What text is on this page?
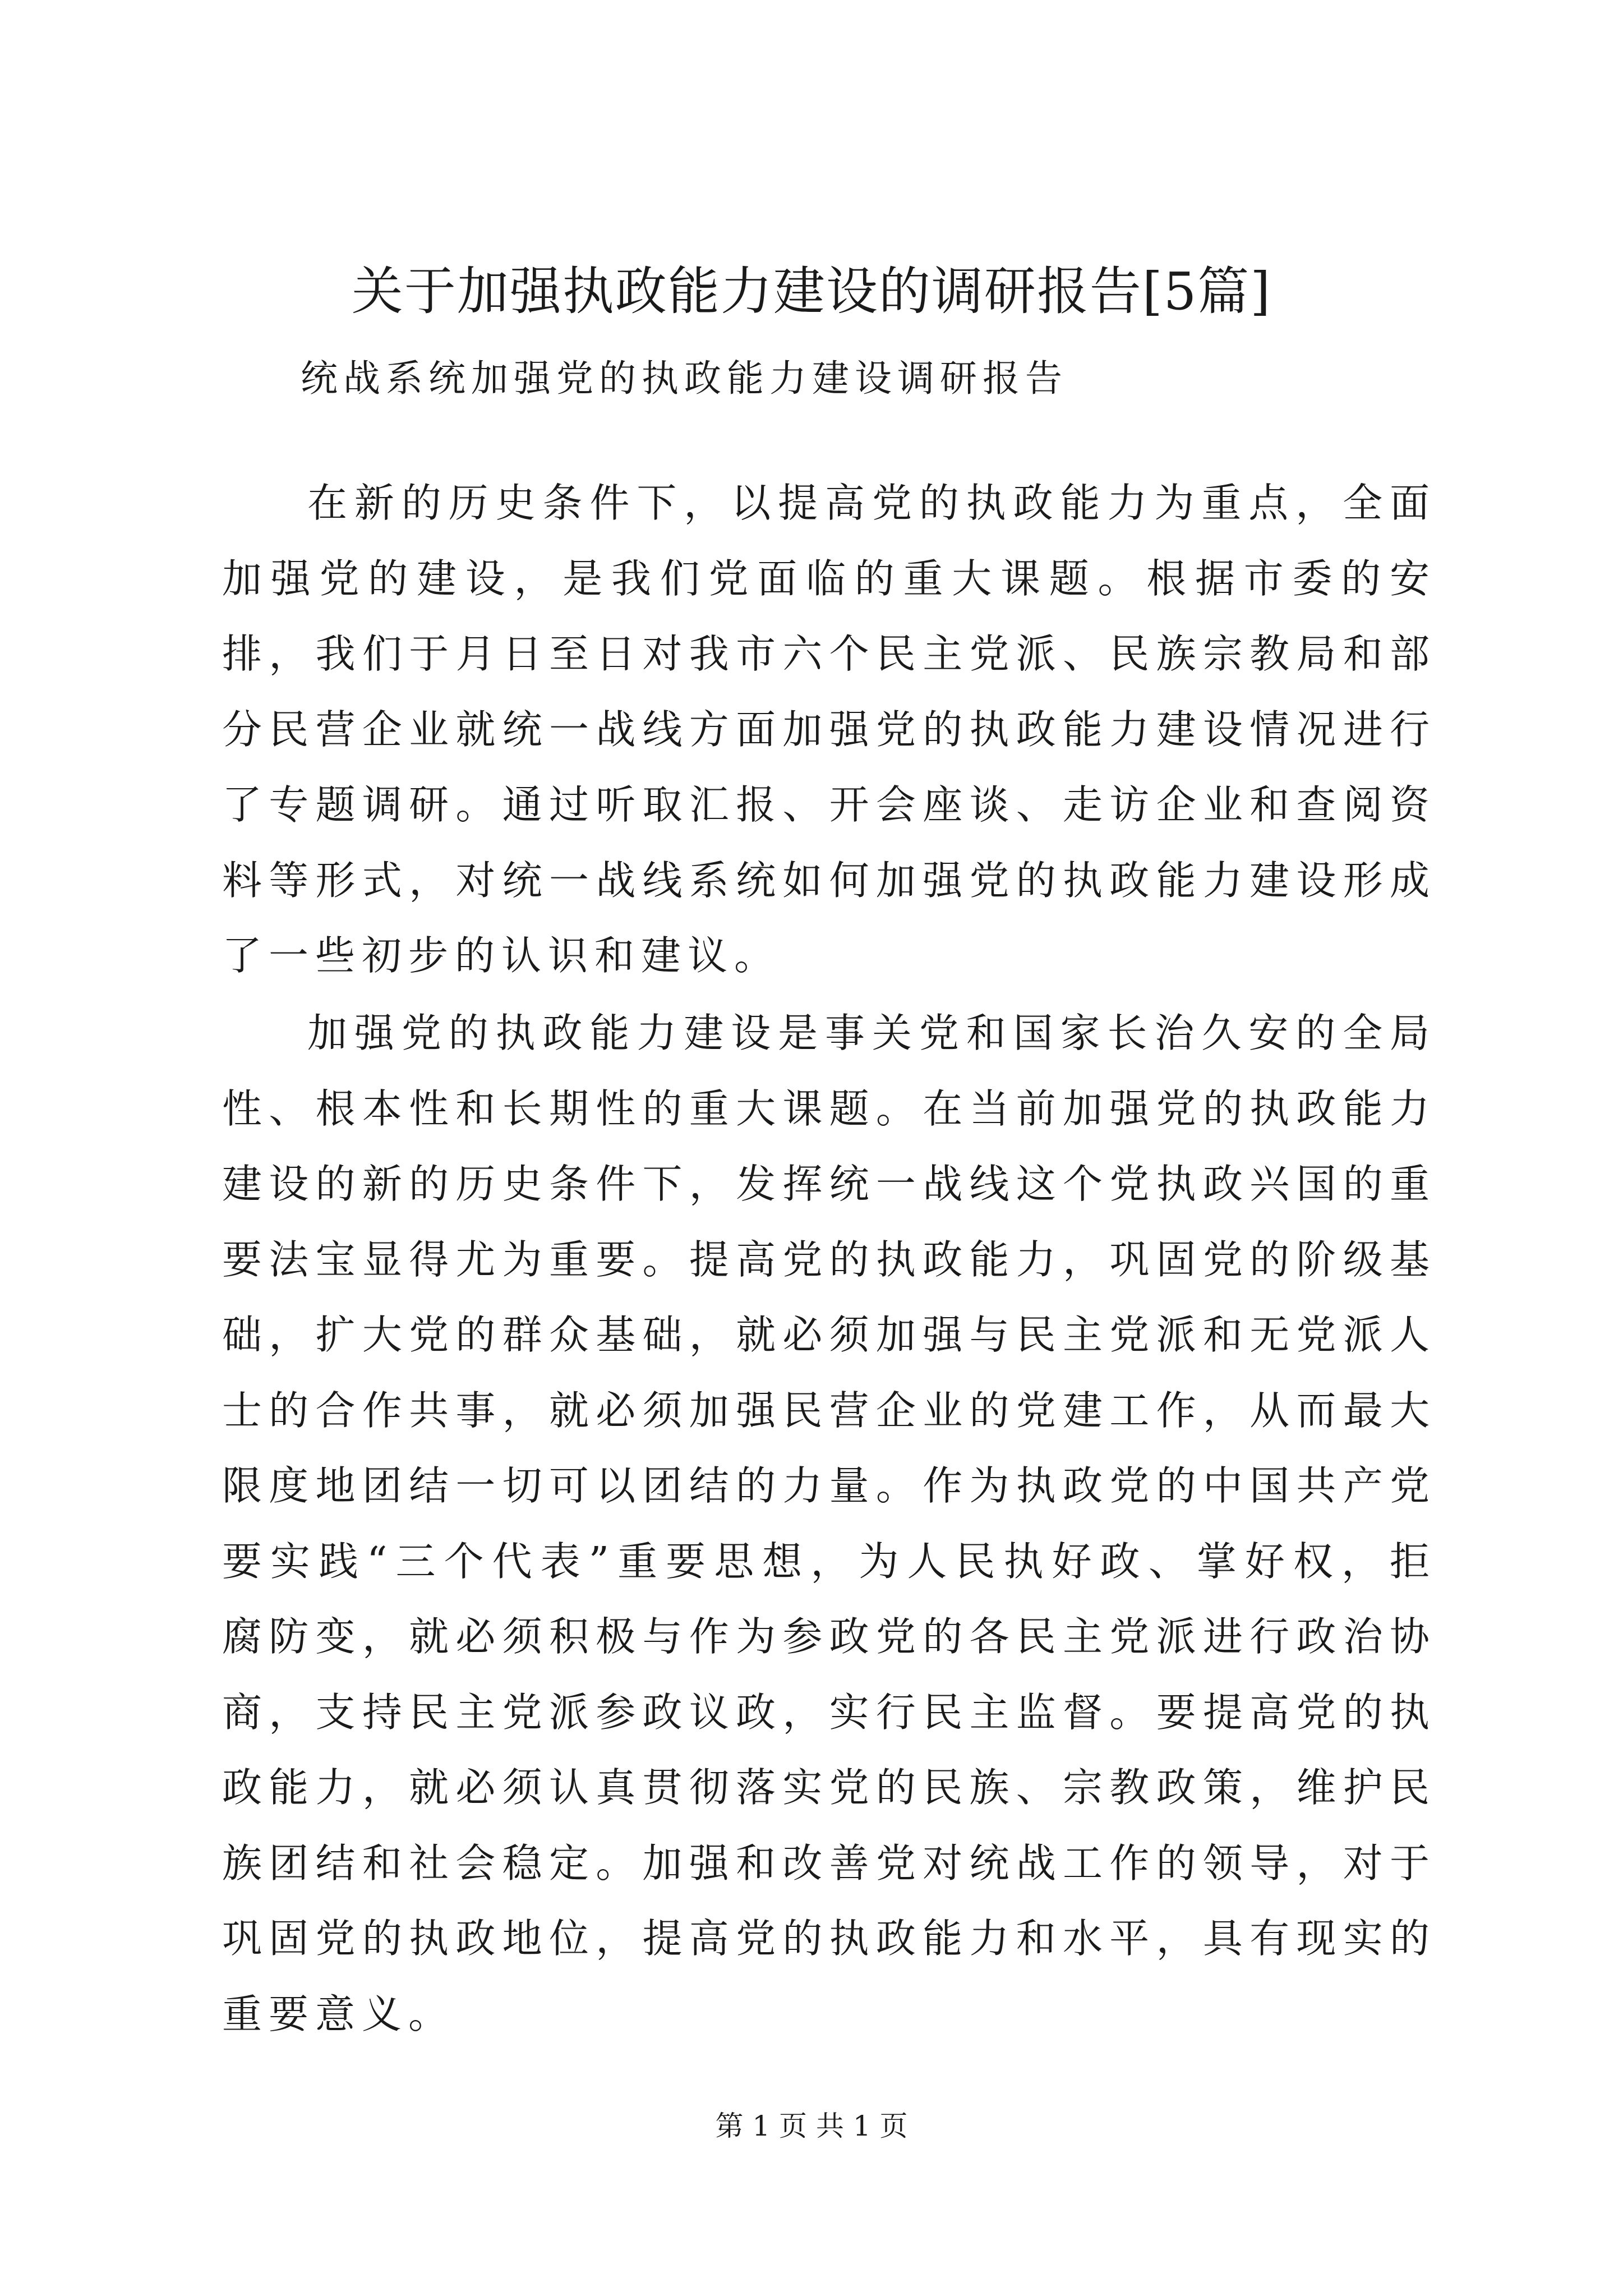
关于加强执政能力建设的调研报告[5篇]

统战系统加强党的执政能力建设调研报告

在新的历史条件下，以提高党的执政能力为重点，全面加强党的建设，是我们党面临的重大课题。根据市委的安排，我们于月日至日对我市六个民主党派、民族宗教局和部分民营企业就统一战线方面加强党的执政能力建设情况进行了专题调研。通过听取汇报、开会座谈、走访企业和查阅资料等形式，对统一战线系统如何加强党的执政能力建设形成了一些初步的认识和建议。

加强党的执政能力建设是事关党和国家长治久安的全局性、根本性和长期性的重大课题。在当前加强党的执政能力建设的新的历史条件下，发挥统一战线这个党执政兴国的重要法宝显得尤为重要。提高党的执政能力，巩固党的阶级基础，扩大党的群众基础，就必须加强与民主党派和无党派人士的合作共事，就必须加强民营企业的党建工作，从而最大限度地团结一切可以团结的力量。作为执政党的中国共产党要实践“三个代表”重要思想，为人民执好政、掌好权，拒腐防变，就必须积极与作为参政党的各民主党派进行政治协商，支持民主党派参政议政，实行民主监督。要提高党的执政能力，就必须认真贯彻落实党的民族、宗教政策，维护民族团结和社会稳定。加强和改善党对统战工作的领导，对于巩固党的执政地位，提高党的执政能力和水平，具有现实的重要意义。

第 1 页 共 1 页
